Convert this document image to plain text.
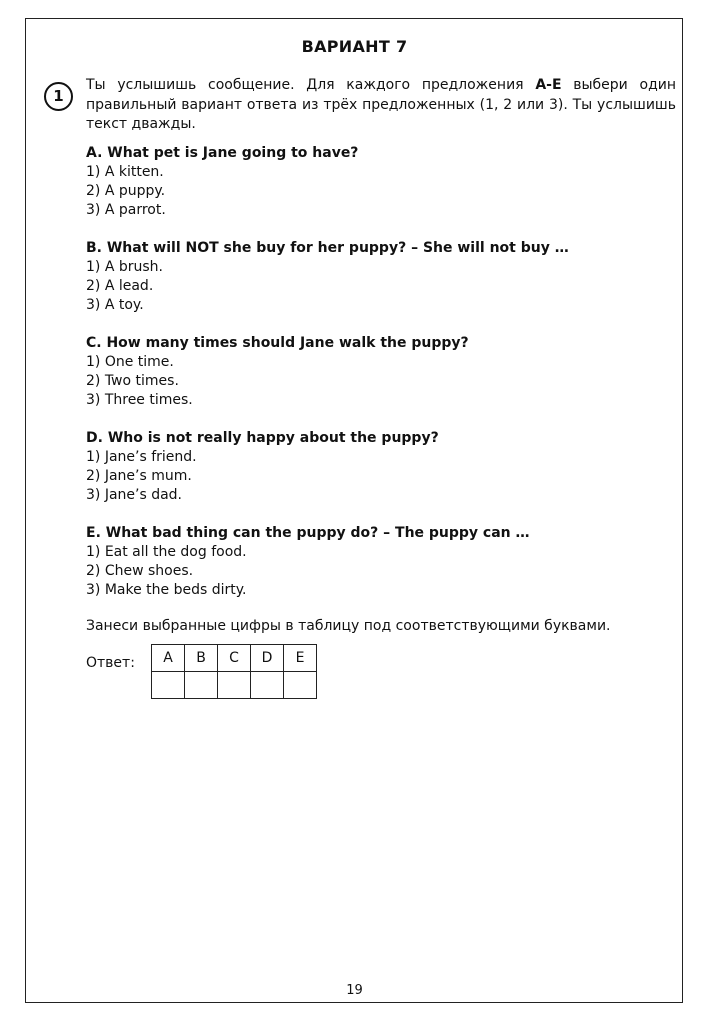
ВАРИАНТ 7
1
Ты услышишь сообщение. Для каждого предложения А-Е выбери один правильный вариант ответа из трёх предложенных (1, 2 или 3). Ты услышишь текст дважды.
A. What pet is Jane going to have?
1) A kitten.
2) A puppy.
3) A parrot.
B. What will NOT she buy for her puppy? – She will not buy …
1) A brush.
2) A lead.
3) A toy.
C. How many times should Jane walk the puppy?
1) One time.
2) Two times.
3) Three times.
D. Who is not really happy about the puppy?
1) Jane’s friend.
2) Jane’s mum.
3) Jane’s dad.
E. What bad thing can the puppy do? – The puppy can …
1) Eat all the dog food.
2) Chew shoes.
3) Make the beds dirty.
Занеси выбранные цифры в таблицу под соответствующими буквами.
Ответ: A	B	C	D	E

19
